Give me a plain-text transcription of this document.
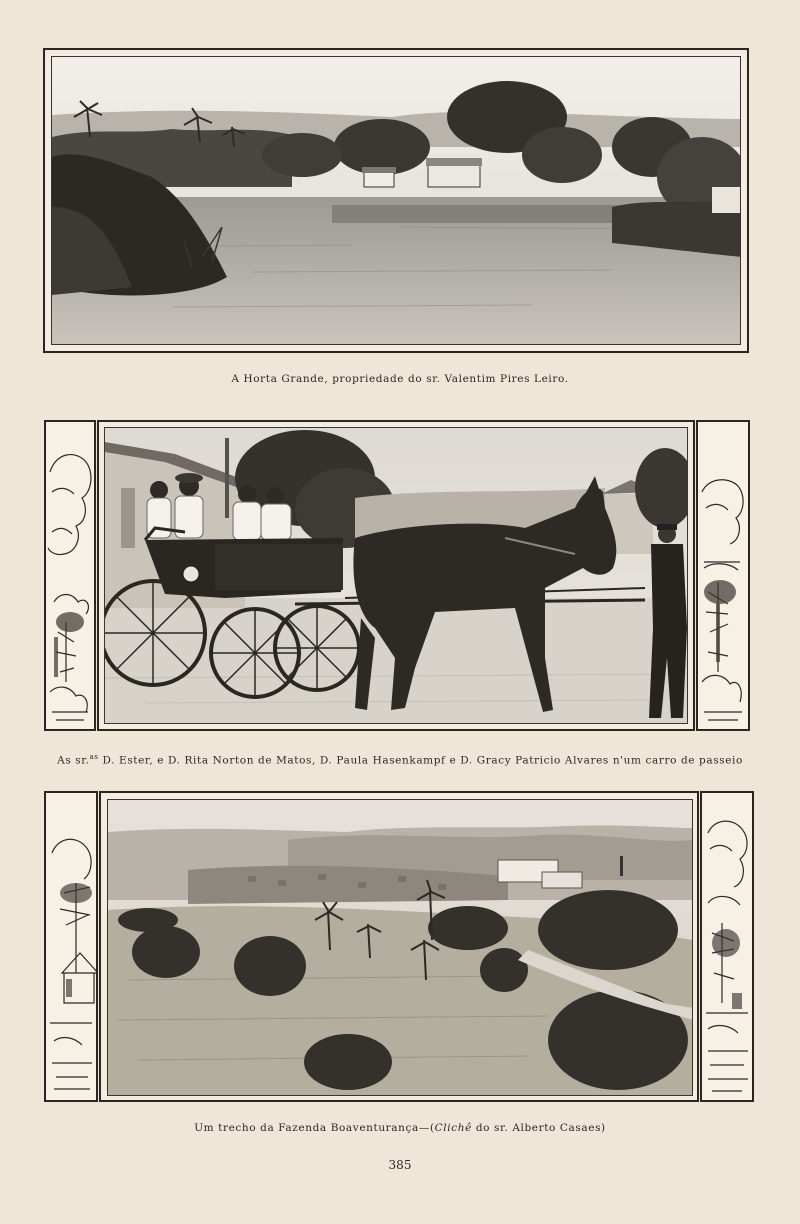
A Horta Grande, propriedade do sr. Valentim Pires Leiro.
As sr.$^{as}$ D. Ester, e D. Rita Norton de Matos, D. Paula Hasenkampf e D. Gracy Patricio Alvares n'um carro de passeio
Um trecho da Fazenda Boaventurança—(Clichê do sr. Alberto Casaes)
385
